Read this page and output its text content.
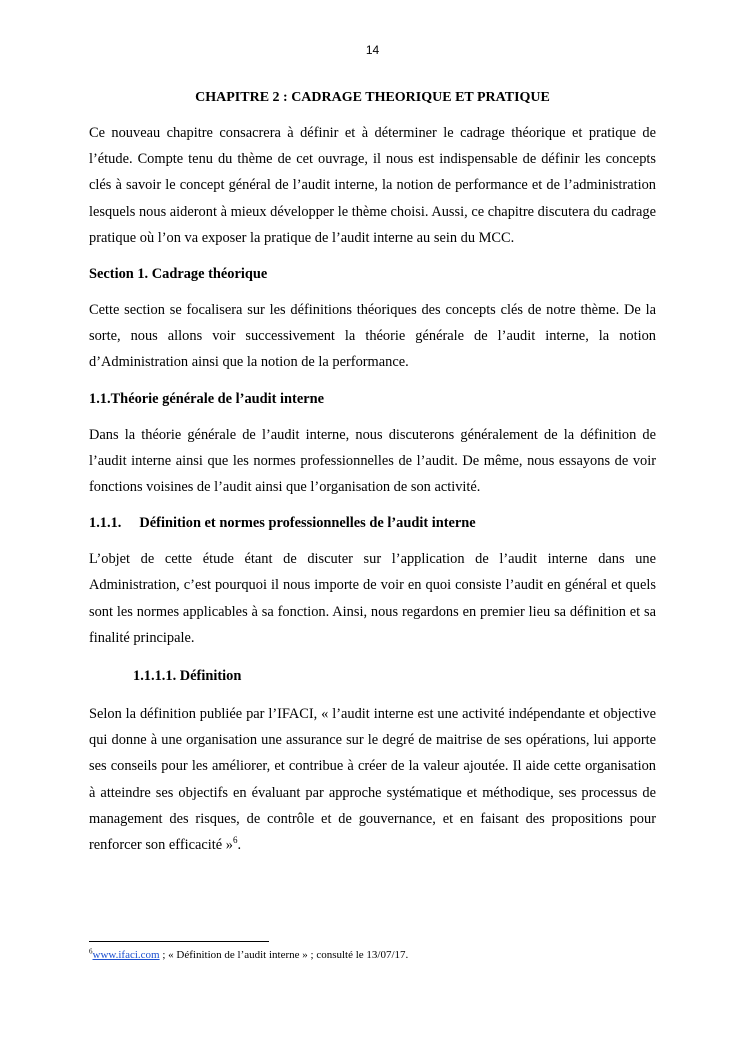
14
CHAPITRE 2 : CADRAGE THEORIQUE ET PRATIQUE

Ce nouveau chapitre consacrera à définir et à déterminer le cadrage théorique et pratique de l’étude. Compte tenu du thème de cet ouvrage, il nous est indispensable de définir les concepts clés à savoir le concept général de l’audit interne, la notion de performance et de l’administration lesquels nous aideront à mieux développer le thème choisi. Aussi, ce chapitre discutera du cadrage pratique où l’on va exposer la pratique de l’audit interne au sein du MCC.

Section 1. Cadrage théorique

Cette section se focalisera sur les définitions théoriques des concepts clés de notre thème. De la sorte, nous allons voir successivement la théorie générale de l’audit interne, la notion d’Administration ainsi que la notion de la performance.

1.1.Théorie générale de l’audit interne

Dans la théorie générale de l’audit interne, nous discuterons généralement de la définition de l’audit interne ainsi que les normes professionnelles de l’audit. De même, nous essayons de voir fonctions voisines de l’audit ainsi que l’organisation de son activité.

1.1.1. Définition et normes professionnelles de l’audit interne

L’objet de cette étude étant de discuter sur l’application de l’audit interne dans une Administration, c’est pourquoi il nous importe de voir en quoi consiste l’audit en général et quels sont les normes applicables à sa fonction. Ainsi, nous regardons en premier lieu sa définition et sa finalité principale.

1.1.1.1. Définition

Selon la définition publiée par l’IFACI, « l’audit interne est une activité indépendante et objective qui donne à une organisation une assurance sur le degré de maitrise de ses opérations, lui apporte ses conseils pour les améliorer, et contribue à créer de la valeur ajoutée. Il aide cette organisation à atteindre ses objectifs en évaluant par approche systématique et méthodique, ses processus de management des risques, de contrôle et de gouvernance, et en faisant des propositions pour renforcer son efficacité »$^6$.

$^6$www.ifaci.com ; « Définition de l’audit interne » ; consulté le 13/07/17.
